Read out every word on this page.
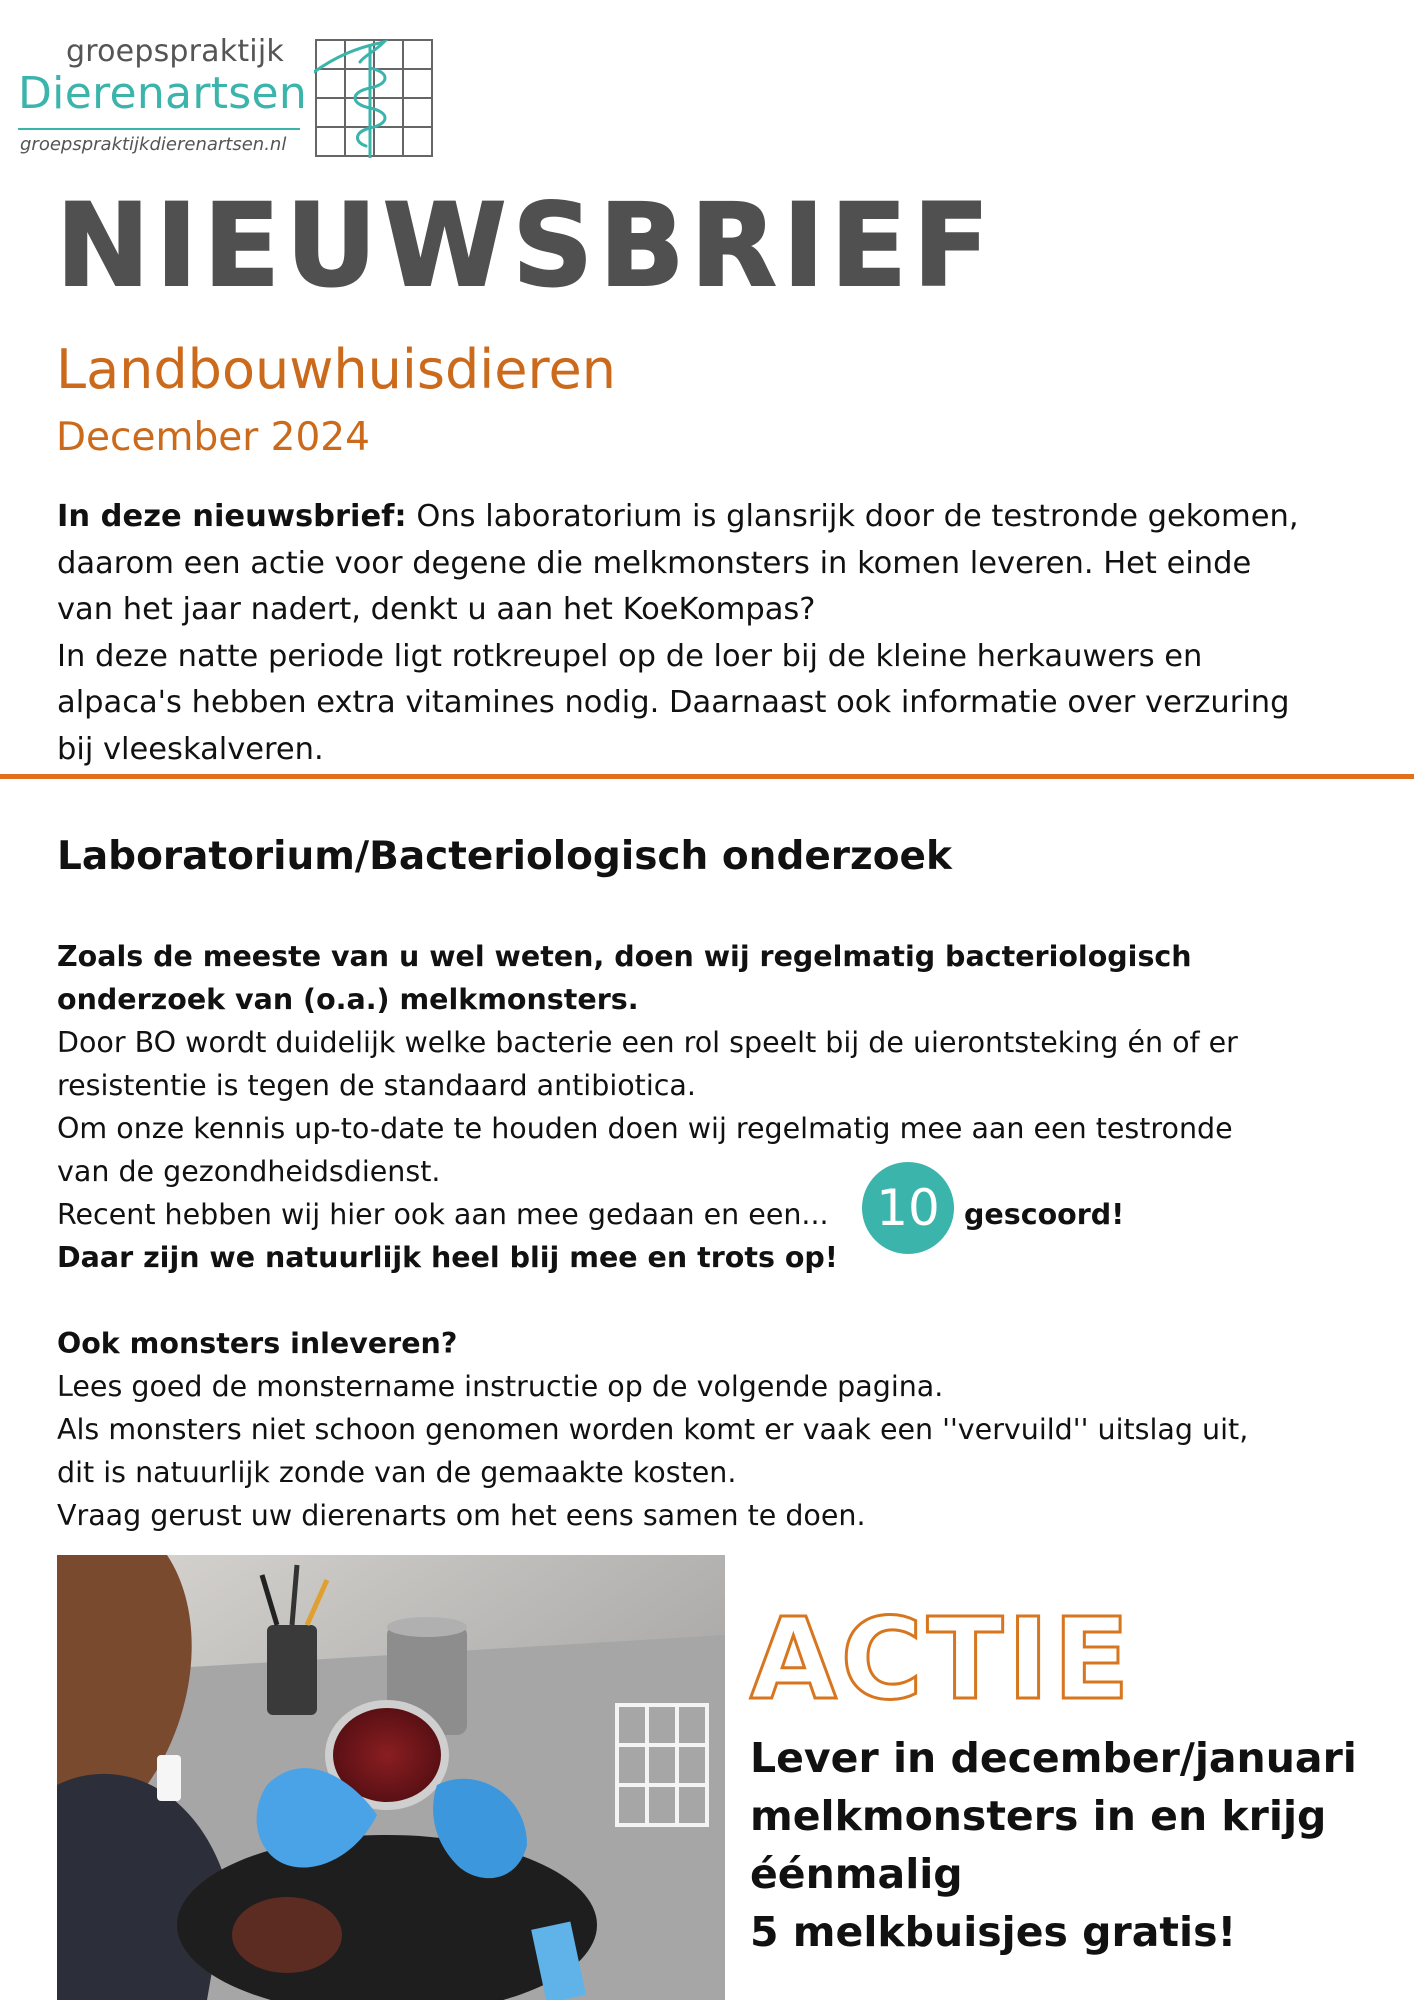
groepspraktijk
Dierenartsen
groepspraktijkdierenartsen.nl
NIEUWSBRIEF
Landbouwhuisdieren
December 2024
In deze nieuwsbrief: Ons laboratorium is glansrijk door de testronde gekomen,
daarom een actie voor degene die melkmonsters in komen leveren. Het einde
van het jaar nadert, denkt u aan het KoeKompas?
In deze natte periode ligt rotkreupel op de loer bij de kleine herkauwers en
alpaca's hebben extra vitamines nodig. Daarnaast ook informatie over verzuring
bij vleeskalveren.
Laboratorium/Bacteriologisch onderzoek
Zoals de meeste van u wel weten, doen wij regelmatig bacteriologisch
onderzoek van (o.a.) melkmonsters.
Door BO wordt duidelijk welke bacterie een rol speelt bij de uierontsteking én of er
resistentie is tegen de standaard antibiotica.
Om onze kennis up-to-date te houden doen wij regelmatig mee aan een testronde
van de gezondheidsdienst.
Recent hebben wij hier ook aan mee gedaan en een... 10 gescoord!
Daar zijn we natuurlijk heel blij mee en trots op!
Ook monsters inleveren?
Lees goed de monstername instructie op de volgende pagina.
Als monsters niet schoon genomen worden komt er vaak een ''vervuild'' uitslag uit,
dit is natuurlijk zonde van de gemaakte kosten.
Vraag gerust uw dierenarts om het eens samen te doen.
ACTIE
Lever in december/januari
melkmonsters in en krijg
éénmalig
5 melkbuisjes gratis!
